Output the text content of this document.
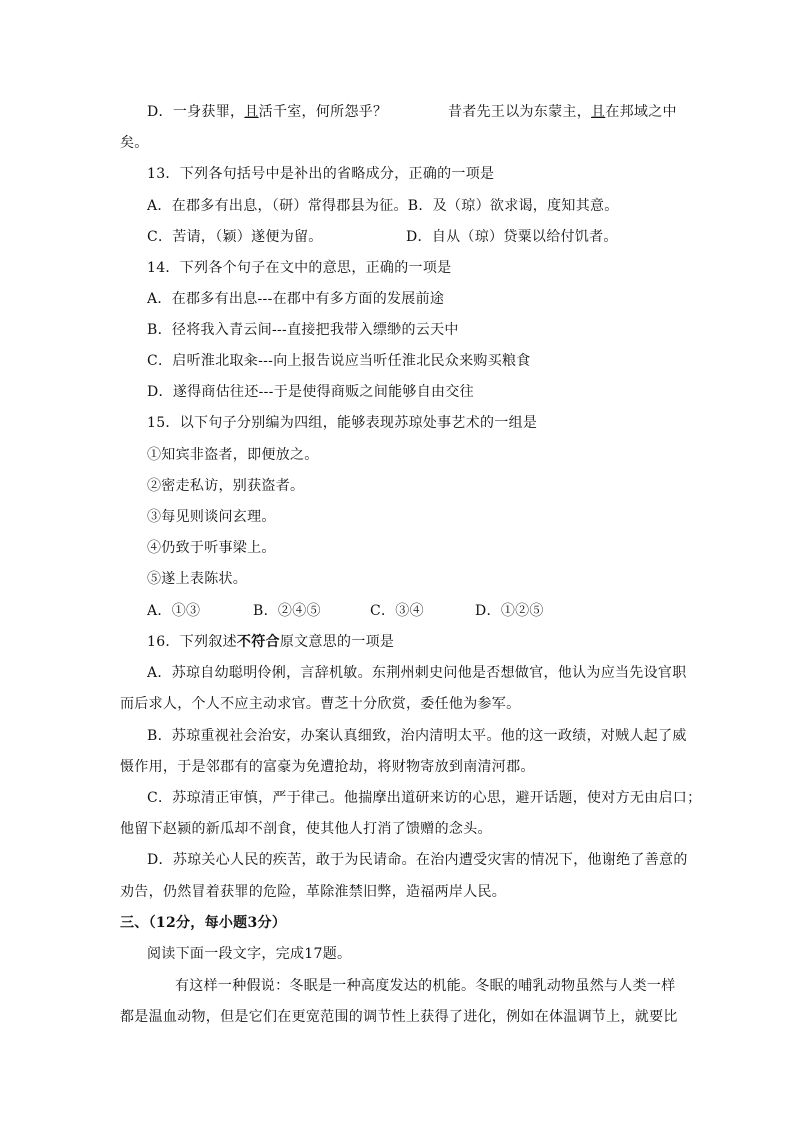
D．一身获罪，且活千室，何所怨乎？	昔者先王以为东蒙主，且在邦域之中
矣。
13．下列各句括号中是补出的省略成分，正确的一项是
A．在郡多有出息，（研）常得郡县为征。B．及（琼）欲求谒，度知其意。
C．苦请，（颖）遂便为留。	D．自从（琼）贷粟以给付饥者。
14．下列各个句子在文中的意思，正确的一项是
A．在郡多有出息---在郡中有多方面的发展前途
B．径将我入青云间---直接把我带入缥缈的云天中
C．启听淮北取籴---向上报告说应当听任淮北民众来购买粮食
D．遂得商估往还---于是使得商贩之间能够自由交往
15．以下句子分别编为四组，能够表现苏琼处事艺术的一组是
①知宾非盗者，即便放之。
②密走私访，别获盗者。
③每见则谈问玄理。
④仍致于听事梁上。
⑤遂上表陈状。
A．①③	B．②④⑤	C．③④	D．①②⑤
16．下列叙述不符合原文意思的一项是
A．苏琼自幼聪明伶俐，言辞机敏。东荆州刺史问他是否想做官，他认为应当先设官职
而后求人，个人不应主动求官。曹芝十分欣赏，委任他为参军。
B．苏琼重视社会治安，办案认真细致，治内清明太平。他的这一政绩，对贼人起了威
慑作用，于是邻郡有的富豪为免遭抢劫，将财物寄放到南清河郡。
C．苏琼清正审慎，严于律己。他揣摩出道研来访的心思，避开话题，使对方无由启口；
他留下赵颍的新瓜却不剖食，使其他人打消了馈赠的念头。
D．苏琼关心人民的疾苦，敢于为民请命。在治内遭受灾害的情况下，他谢绝了善意的
劝告，仍然冒着获罪的危险，革除淮禁旧弊，造福两岸人民。
三、（12分，每小题3分）
阅读下面一段文字，完成17题。
有这样一种假说：冬眠是一种高度发达的机能。冬眠的哺乳动物虽然与人类一样
都是温血动物，但是它们在更宽范围的调节性上获得了进化，例如在体温调节上，就要比
